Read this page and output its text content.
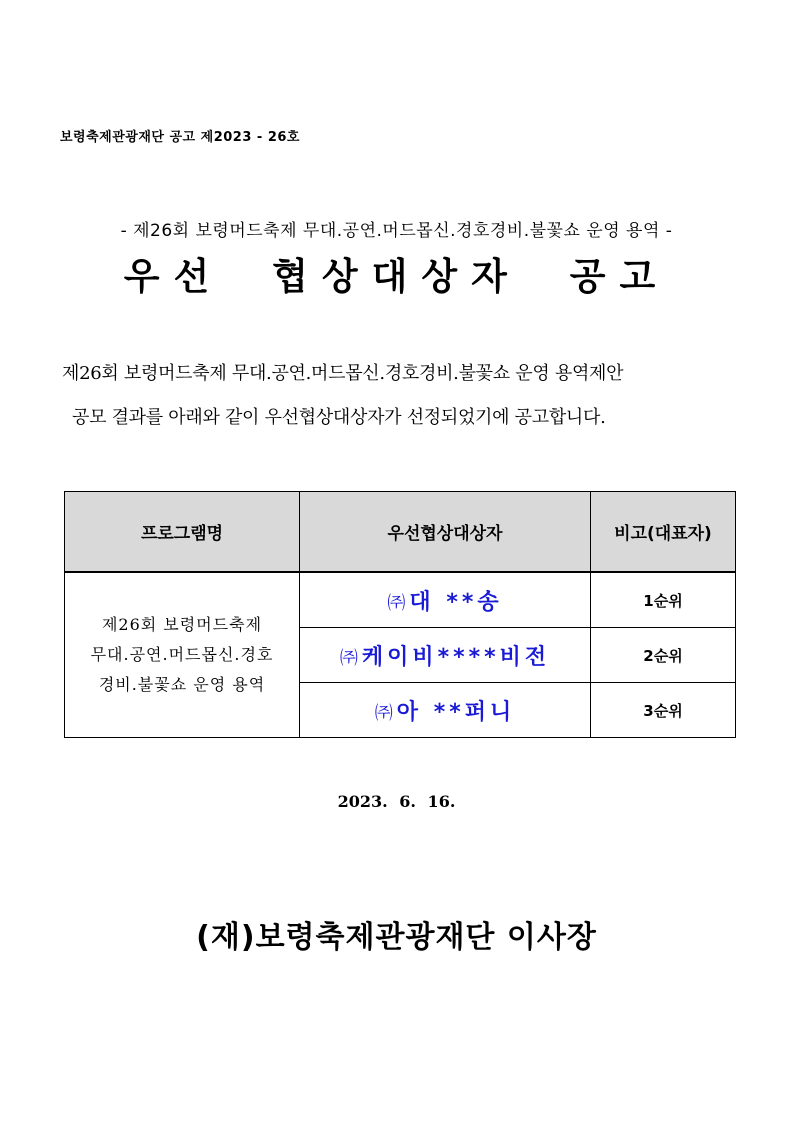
보령축제관광재단 공고 제2023 - 26호
- 제26회 보령머드축제 무대.공연.머드몹신.경호경비.불꽃쇼 운영 용역 -
우선 협상대상자 공고
제26회 보령머드축제 무대.공연.머드몹신.경호경비.불꽃쇼 운영 용역제안
공모 결과를 아래와 같이 우선협상대상자가 선정되었기에 공고합니다.
프로그램명	우선협상대상자	비고(대표자)

제26회 보령머드축제
무대.공연.머드몹신.경호
경비.불꽃쇼 운영 용역	㈜ 대 **송	1순위
	㈜ 케이비****비전	2순위
	㈜ 아 **퍼니	3순위
2023. 6. 16.
(재)보령축제관광재단 이사장
